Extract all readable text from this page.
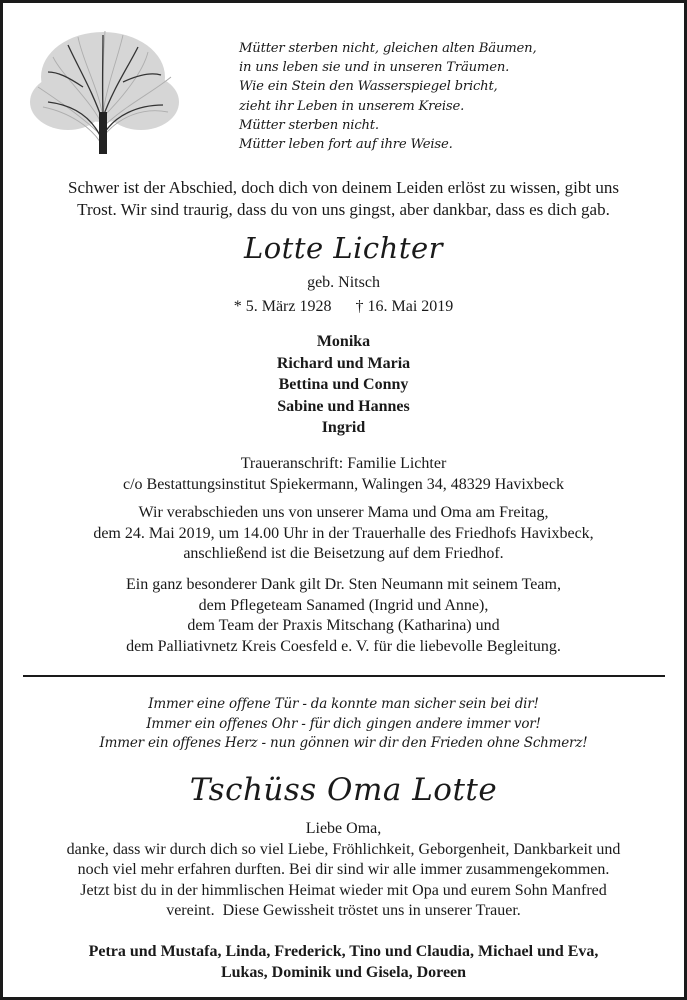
Mütter sterben nicht, gleichen alten Bäumen,
in uns leben sie und in unseren Träumen.
Wie ein Stein den Wasserspiegel bricht,
zieht ihr Leben in unserem Kreise.
Mütter sterben nicht.
Mütter leben fort auf ihre Weise.
Schwer ist der Abschied, doch dich von deinem Leiden erlöst zu wissen, gibt uns
Trost. Wir sind traurig, dass du von uns gingst, aber dankbar, dass es dich gab.
Lotte Lichter
geb. Nitsch
* 5. März 1928 † 16. Mai 2019
Monika
Richard und Maria
Bettina und Conny
Sabine und Hannes
Ingrid
Traueranschrift: Familie Lichter
c/o Bestattungsinstitut Spiekermann, Walingen 34, 48329 Havixbeck
Wir verabschieden uns von unserer Mama und Oma am Freitag,
dem 24. Mai 2019, um 14.00 Uhr in der Trauerhalle des Friedhofs Havixbeck,
anschließend ist die Beisetzung auf dem Friedhof.
Ein ganz besonderer Dank gilt Dr. Sten Neumann mit seinem Team,
dem Pflegeteam Sanamed (Ingrid und Anne),
dem Team der Praxis Mitschang (Katharina) und
dem Palliativnetz Kreis Coesfeld e. V. für die liebevolle Begleitung.
Immer eine offene Tür - da konnte man sicher sein bei dir!
Immer ein offenes Ohr - für dich gingen andere immer vor!
Immer ein offenes Herz - nun gönnen wir dir den Frieden ohne Schmerz!
Tschüss Oma Lotte
Liebe Oma,
danke, dass wir durch dich so viel Liebe, Fröhlichkeit, Geborgenheit, Dankbarkeit und
noch viel mehr erfahren durften. Bei dir sind wir alle immer zusammengekommen.
Jetzt bist du in der himmlischen Heimat wieder mit Opa und eurem Sohn Manfred
vereint.  Diese Gewissheit tröstet uns in unserer Trauer.
Petra und Mustafa, Linda, Frederick, Tino und Claudia, Michael und Eva,
Lukas, Dominik und Gisela, Doreen
